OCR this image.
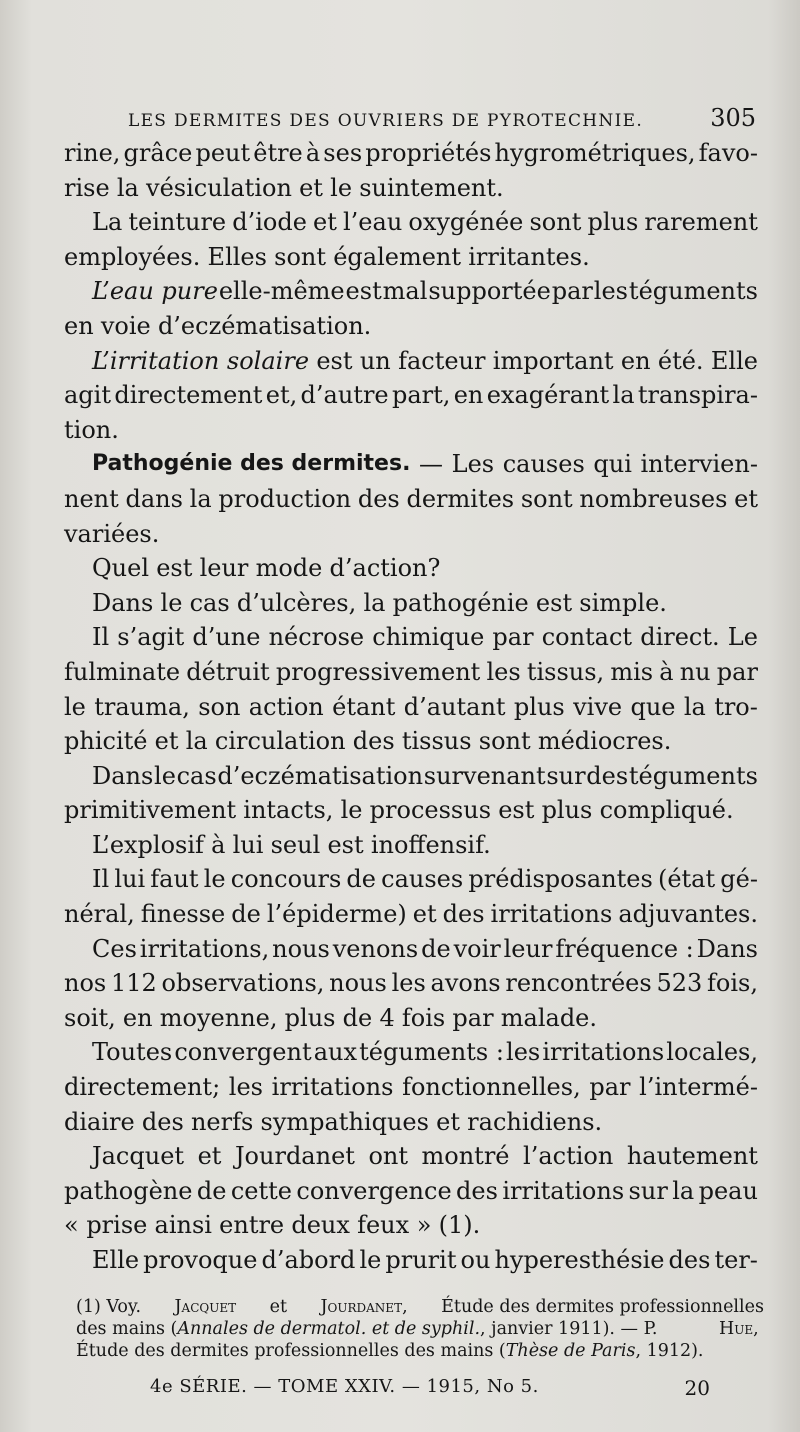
LES DERMITES DES OUVRIERS DE PYROTECHNIE.	305
rine, grâce peut être à ses propriétés hygrométriques, favo-
rise la vésiculation et le suintement.
La teinture d’iode et l’eau oxygénée sont plus rarement
employées. Elles sont également irritantes.
L’eau pure elle-même est mal supportée par les téguments
en voie d’eczématisation.
L’irritation solaire est un facteur important en été. Elle
agit directement et, d’autre part, en exagérant la transpira-
tion.
Pathogénie des dermites. — Les causes qui intervien-
nent dans la production des dermites sont nombreuses et
variées.
Quel est leur mode d’action?
Dans le cas d’ulcères, la pathogénie est simple.
Il s’agit d’une nécrose chimique par contact direct. Le
fulminate détruit progressivement les tissus, mis à nu par
le trauma, son action étant d’autant plus vive que la tro-
phicité et la circulation des tissus sont médiocres.
Dans le cas d’eczématisation survenant sur des téguments
primitivement intacts, le processus est plus compliqué.
L’explosif à lui seul est inoffensif.
Il lui faut le concours de causes prédisposantes (état gé-
néral, finesse de l’épiderme) et des irritations adjuvantes.
Ces irritations, nous venons de voir leur fréquence : Dans
nos 112 observations, nous les avons rencontrées 523 fois,
soit, en moyenne, plus de 4 fois par malade.
Toutes convergent aux téguments : les irritations locales,
directement; les irritations fonctionnelles, par l’intermé-
diaire des nerfs sympathiques et rachidiens.
Jacquet et Jourdanet ont montré l’action hautement
pathogène de cette convergence des irritations sur la peau
« prise ainsi entre deux feux » (1).
Elle provoque d’abord le prurit ou hyperesthésie des ter-
(1) Voy. Jacquet et Jourdanet, Étude des dermites professionnelles
des mains (Annales de dermatol. et de syphil., janvier 1911). — P.	Hue,
Étude des dermites professionnelles des mains (Thèse de Paris, 1912).
4e SÉRIE. — TOME XXIV. — 1915, No 5.	20
